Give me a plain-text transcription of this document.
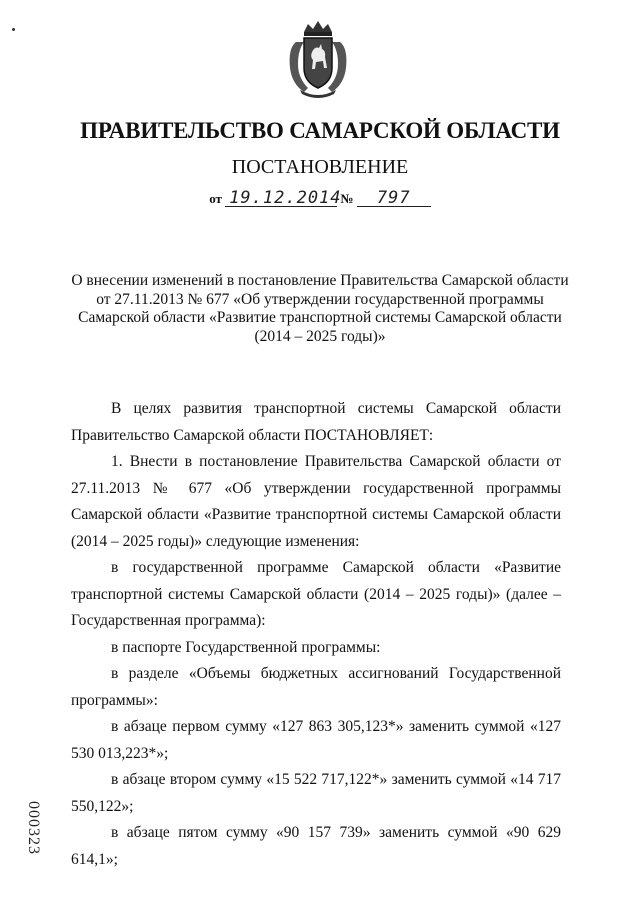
ПРАВИТЕЛЬСТВО САМАРСКОЙ ОБЛАСТИ
ПОСТАНОВЛЕНИЕ
от 19.12.2014 № 797
О внесении изменений в постановление Правительства Самарской области
от 27.11.2013 № 677 «Об утверждении государственной программы
Самарской области «Развитие транспортной системы Самарской области
(2014 – 2025 годы)»

В целях развития транспортной системы Самарской области Правительство Самарской области ПОСТАНОВЛЯЕТ:

1. Внести в постановление Правительства Самарской области от 27.11.2013 № 677 «Об утверждении государственной программы Самарской области «Развитие транспортной системы Самарской области (2014 – 2025 годы)» следующие изменения:

в государственной программе Самарской области «Развитие транспортной системы Самарской области (2014 – 2025 годы)» (далее – Государственная программа):

в паспорте Государственной программы:

в разделе «Объемы бюджетных ассигнований Государственной программы»:

в абзаце первом сумму «127 863 305,123*» заменить суммой «127 530 013,223*»;

в абзаце втором сумму «15 522 717,122*» заменить суммой «14 717 550,122»;

в абзаце пятом сумму «90 157 739» заменить суммой «90 629 614,1»;

000323
